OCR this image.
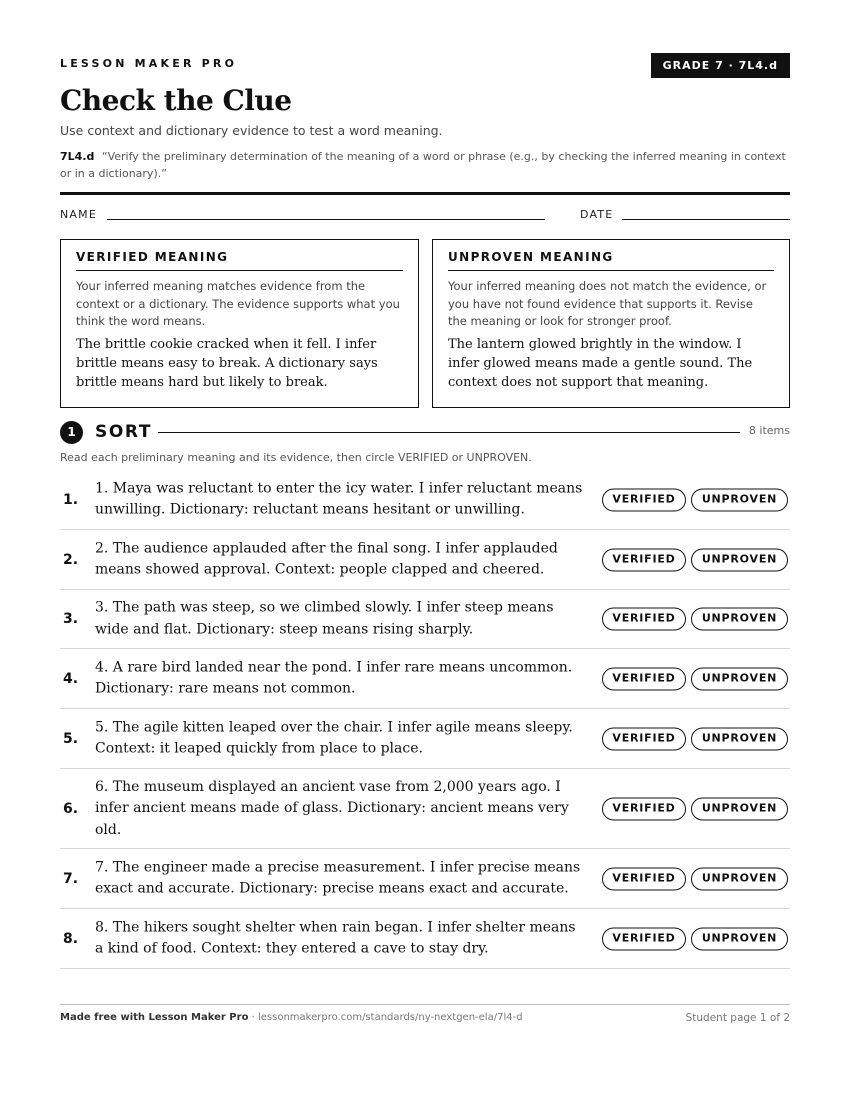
LESSON MAKER PRO	GRADE 7 · 7L4.d
Check the Clue
Use context and dictionary evidence to test a word meaning.
7L4.d “Verify the preliminary determination of the meaning of a word or phrase (e.g., by checking the inferred meaning in context or in a dictionary).”
NAME	DATE
VERIFIED MEANING
Your inferred meaning matches evidence from the context or a dictionary. The evidence supports what you think the word means.
The brittle cookie cracked when it fell. I infer brittle means easy to break. A dictionary says brittle means hard but likely to break.
UNPROVEN MEANING
Your inferred meaning does not match the evidence, or you have not found evidence that supports it. Revise the meaning or look for stronger proof.
The lantern glowed brightly in the window. I infer glowed means made a gentle sound. The context does not support that meaning.
1	SORT	8 items
Read each preliminary meaning and its evidence, then circle VERIFIED or UNPROVEN.
1.
1. Maya was reluctant to enter the icy water. I infer reluctant means unwilling. Dictionary: reluctant means hesitant or unwilling.
VERIFIED	UNPROVEN
2.
2. The audience applauded after the final song. I infer applauded means showed approval. Context: people clapped and cheered.
VERIFIED	UNPROVEN
3.
3. The path was steep, so we climbed slowly. I infer steep means wide and flat. Dictionary: steep means rising sharply.
VERIFIED	UNPROVEN
4.
4. A rare bird landed near the pond. I infer rare means uncommon. Dictionary: rare means not common.
VERIFIED	UNPROVEN
5.
5. The agile kitten leaped over the chair. I infer agile means sleepy. Context: it leaped quickly from place to place.
VERIFIED	UNPROVEN
6.
6. The museum displayed an ancient vase from 2,000 years ago. I infer ancient means made of glass. Dictionary: ancient means very old.
VERIFIED	UNPROVEN
7.
7. The engineer made a precise measurement. I infer precise means exact and accurate. Dictionary: precise means exact and accurate.
VERIFIED	UNPROVEN
8.
8. The hikers sought shelter when rain began. I infer shelter means a kind of food. Context: they entered a cave to stay dry.
VERIFIED	UNPROVEN
Made free with Lesson Maker Pro · lessonmakerpro.com/standards/ny-nextgen-ela/7l4-d	Student page 1 of 2
